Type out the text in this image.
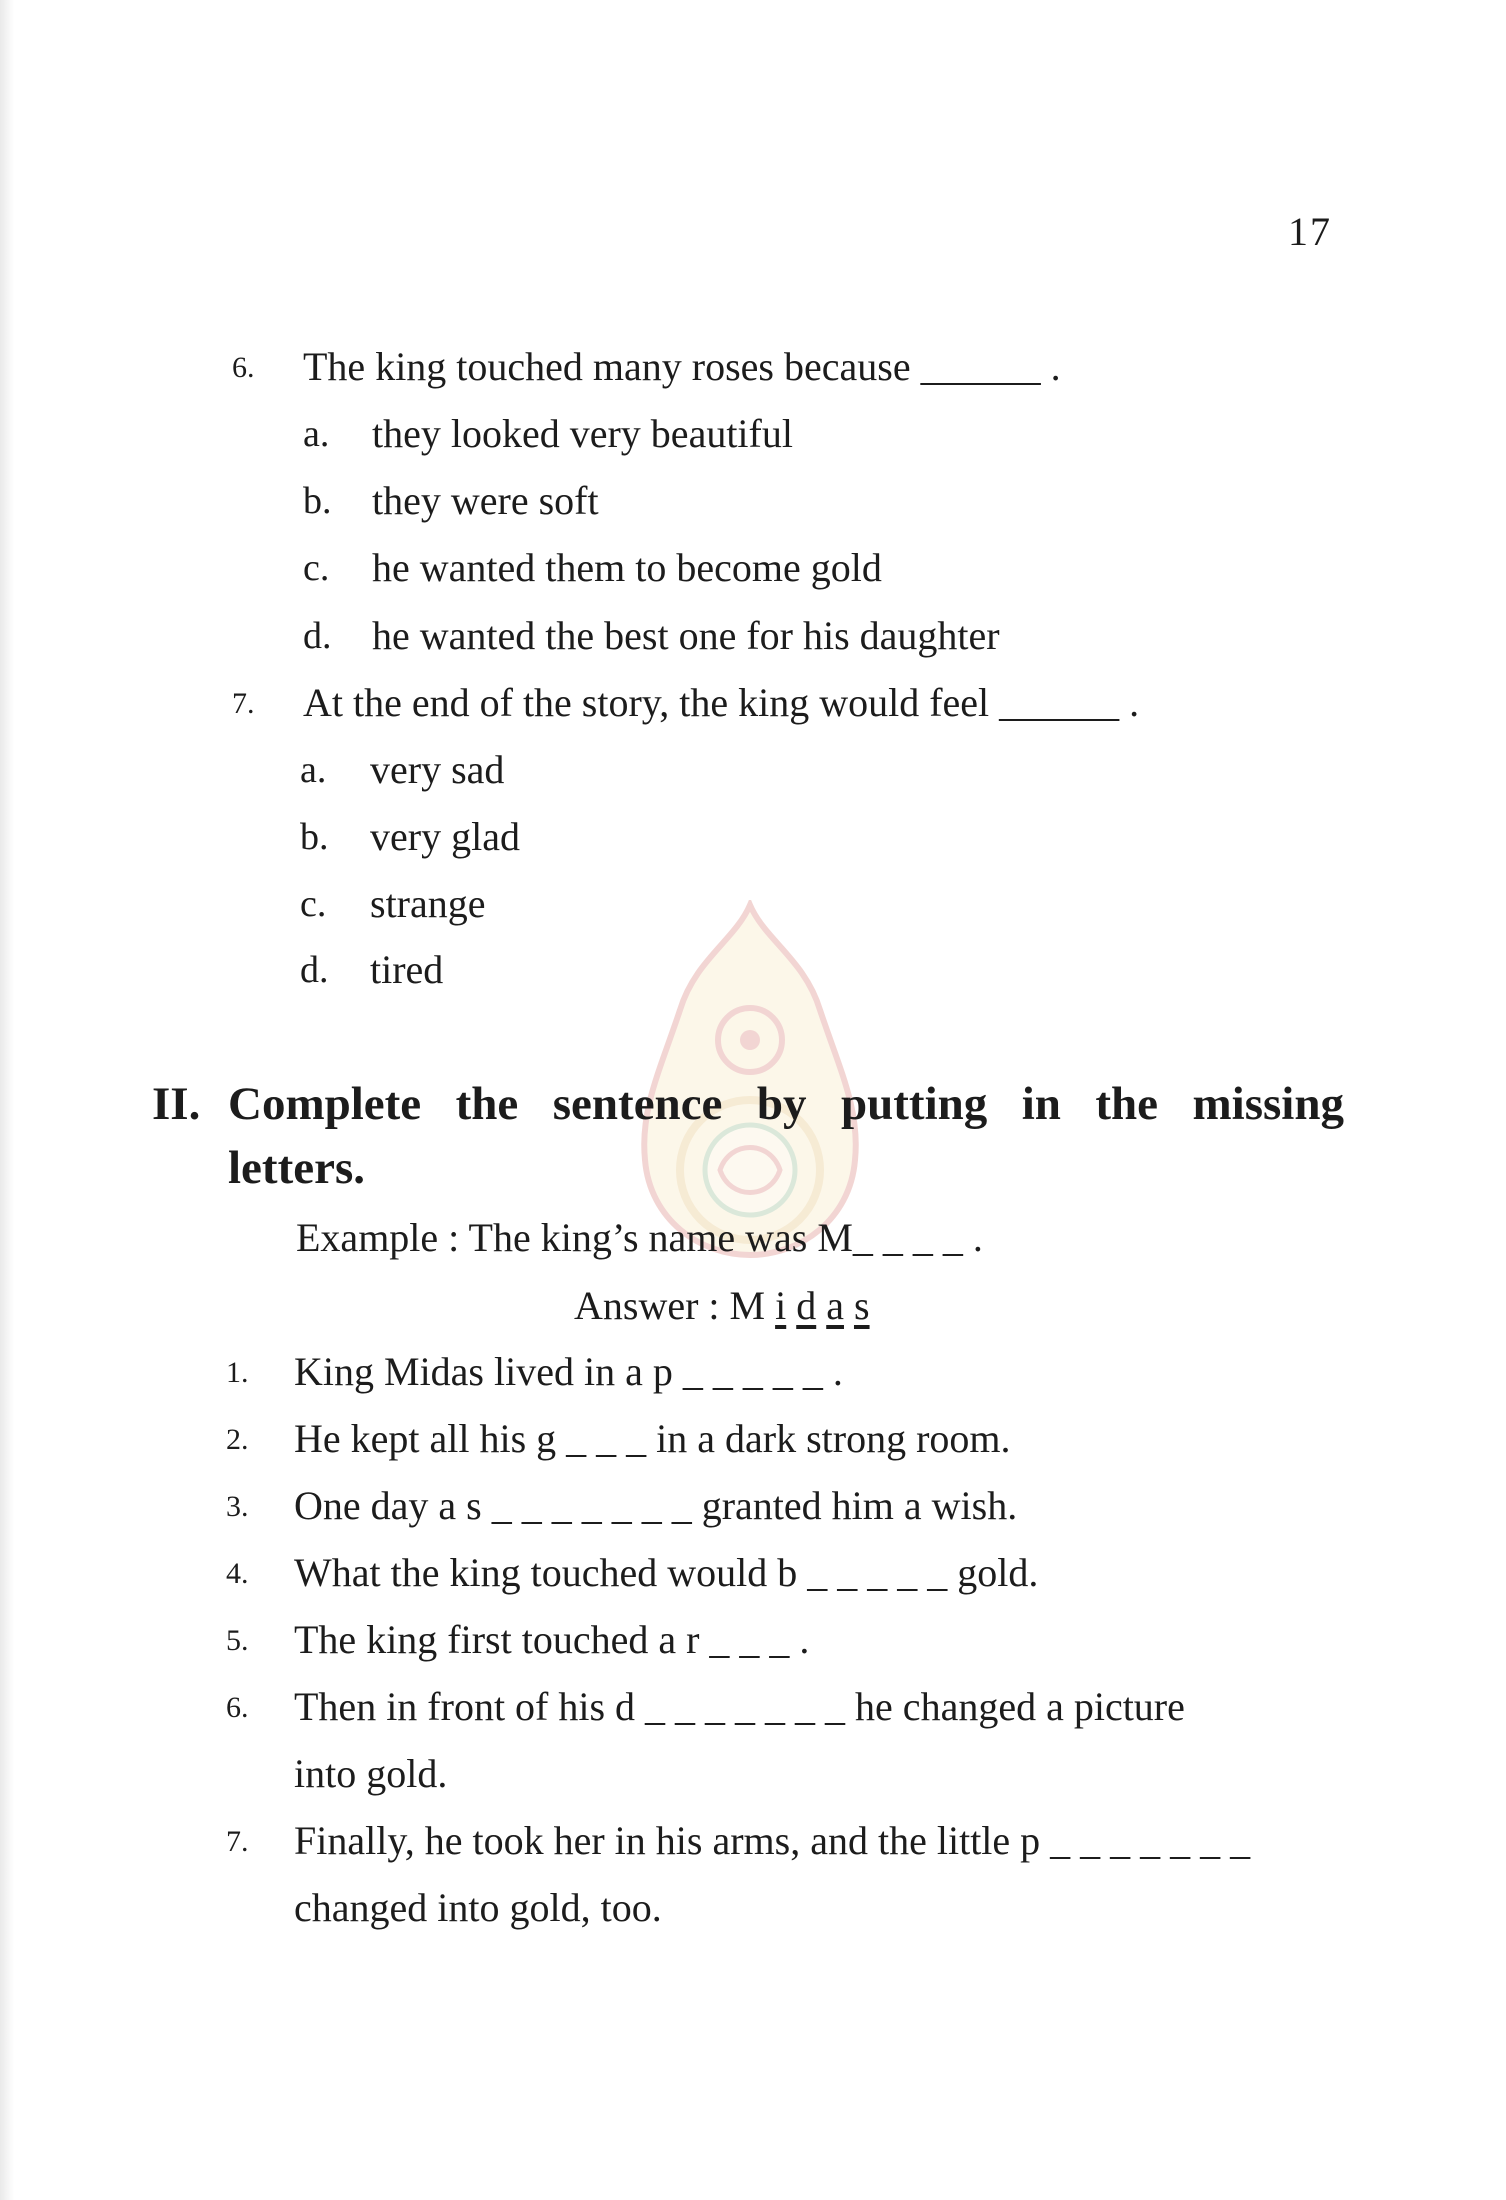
17
6. The king touched many roses because ______ .
a. they looked very beautiful
b. they were soft
c. he wanted them to become gold
d. he wanted the best one for his daughter
7. At the end of the story, the king would feel ______ .
a. very sad
b. very glad
c. strange
d. tired
II. Complete the sentence by putting in the missing
letters.
Example : The king’s name was M_ _ _ _ .
Answer : M i d a s
1. King Midas lived in a p _ _ _ _ _ .
2. He kept all his g _ _ _ in a dark strong room.
3. One day a s _ _ _ _ _ _ _ granted him a wish.
4. What the king touched would b _ _ _ _ _ gold.
5. The king first touched a r _ _ _ .
6. Then in front of his d _ _ _ _ _ _ _ he changed a picture
into gold.
7. Finally, he took her in his arms, and the little p _ _ _ _ _ _ _
changed into gold, too.
